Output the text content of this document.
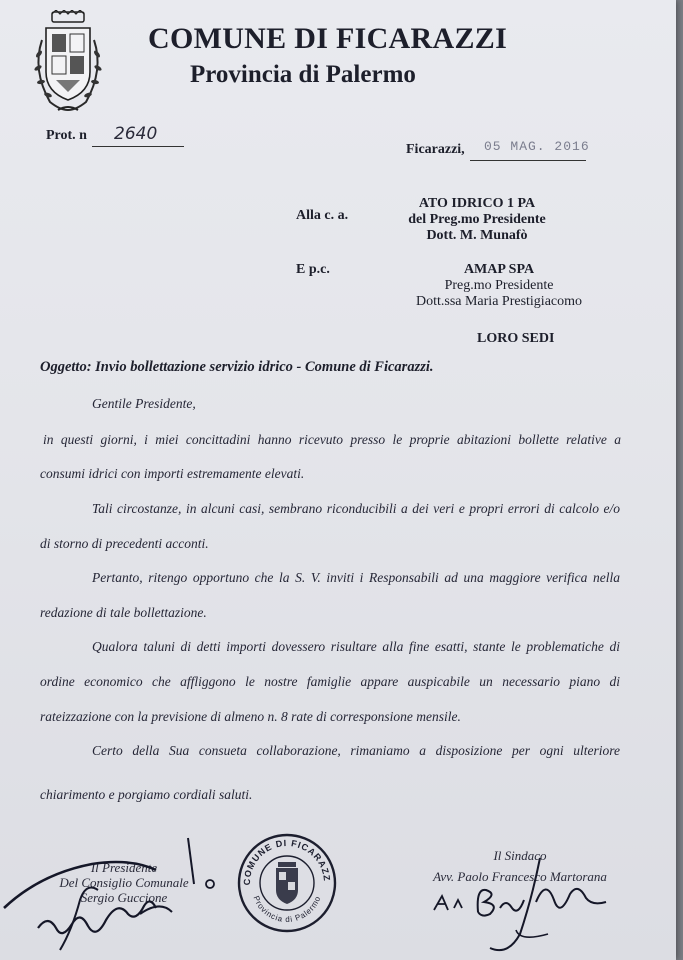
COMUNE DI FICARAZZI
Provincia di Palermo
Prot. n 2640
Ficarazzi, 05 MAG. 2016
Alla c. a.
ATO IDRICO 1 PA
del Preg.mo Presidente
Dott. M. Munafò
E p.c.	AMAP SPA
Preg.mo Presidente
Dott.ssa Maria Prestigiacomo
LORO SEDI
Oggetto: Invio bollettazione servizio idrico - Comune di Ficarazzi.
Gentile Presidente,
in questi giorni, i miei concittadini hanno ricevuto presso le proprie abitazioni bollette relative a
consumi idrici con importi estremamente elevati.
Tali circostanze, in alcuni casi, sembrano riconducibili a dei veri e propri errori di calcolo e/o
di storno di precedenti acconti.
Pertanto, ritengo opportuno che la S. V. inviti i Responsabili ad una maggiore verifica nella
redazione di tale bollettazione.
Qualora taluni di detti importi dovessero risultare alla fine esatti, stante le problematiche di
ordine economico che affliggono le nostre famiglie appare auspicabile un necessario piano di
rateizzazione con la previsione di almeno n. 8 rate di corresponsione mensile.
Certo della Sua consueta collaborazione, rimaniamo a disposizione per ogni ulteriore
chiarimento e porgiamo cordiali saluti.
Il Presidente
Del Consiglio Comunale
Sergio Guccione
COMUNE DI FICARAZZ
Provincia di Palermo
Il Sindaco
Avv. Paolo Francesco Martorana
